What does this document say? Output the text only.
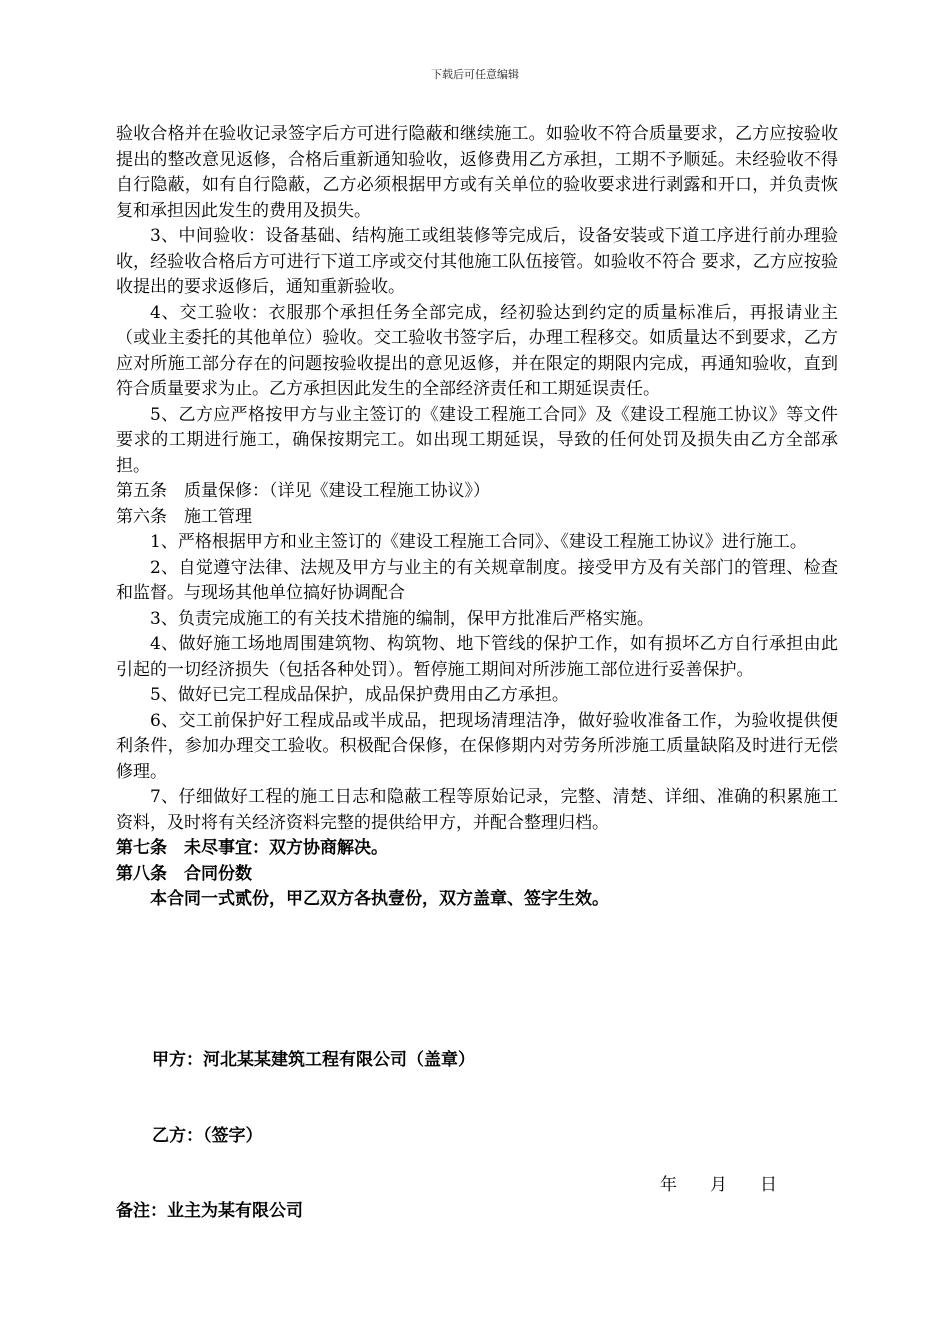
下载后可任意编辑

验收合格并在验收记录签字后方可进行隐蔽和继续施工。如验收不符合质量要求，乙方应按验收提出的整改意见返修，合格后重新通知验收，返修费用乙方承担，工期不予顺延。未经验收不得自行隐蔽，如有自行隐蔽，乙方必须根据甲方或有关单位的验收要求进行剥露和开口，并负责恢复和承担因此发生的费用及损失。

3、中间验收：设备基础、结构施工或组装修等完成后，设备安装或下道工序进行前办理验收，经验收合格后方可进行下道工序或交付其他施工队伍接管。如验收不符合 要求，乙方应按验收提出的要求返修后，通知重新验收。

4、交工验收：衣服那个承担任务全部完成，经初验达到约定的质量标准后，再报请业主（或业主委托的其他单位）验收。交工验收书签字后，办理工程移交。如质量达不到要求，乙方应对所施工部分存在的问题按验收提出的意见返修，并在限定的期限内完成，再通知验收，直到符合质量要求为止。乙方承担因此发生的全部经济责任和工期延误责任。

5、乙方应严格按甲方与业主签订的《建设工程施工合同》及《建设工程施工协议》等文件要求的工期进行施工，确保按期完工。如出现工期延误，导致的任何处罚及损失由乙方全部承担。

第五条　质量保修：（详见《建设工程施工协议》）

第六条　施工管理

1、严格根据甲方和业主签订的《建设工程施工合同》、《建设工程施工协议》进行施工。

2、自觉遵守法律、法规及甲方与业主的有关规章制度。接受甲方及有关部门的管理、检查和监督。与现场其他单位搞好协调配合

3、负责完成施工的有关技术措施的编制，保甲方批准后严格实施。

4、做好施工场地周围建筑物、构筑物、地下管线的保护工作，如有损坏乙方自行承担由此引起的一切经济损失（包括各种处罚）。暂停施工期间对所涉施工部位进行妥善保护。

5、做好已完工程成品保护，成品保护费用由乙方承担。

6、交工前保护好工程成品或半成品，把现场清理洁净，做好验收准备工作，为验收提供便利条件，参加办理交工验收。积极配合保修，在保修期内对劳务所涉施工质量缺陷及时进行无偿修理。

7、仔细做好工程的施工日志和隐蔽工程等原始记录，完整、清楚、详细、准确的积累施工资料，及时将有关经济资料完整的提供给甲方，并配合整理归档。

第七条　未尽事宜：双方协商解决。

第八条　合同份数

本合同一式贰份，甲乙双方各执壹份，双方盖章、签字生效。

甲方：河北某某建筑工程有限公司（盖章）
乙方：（签字）
年 月 日
备注：业主为某有限公司
